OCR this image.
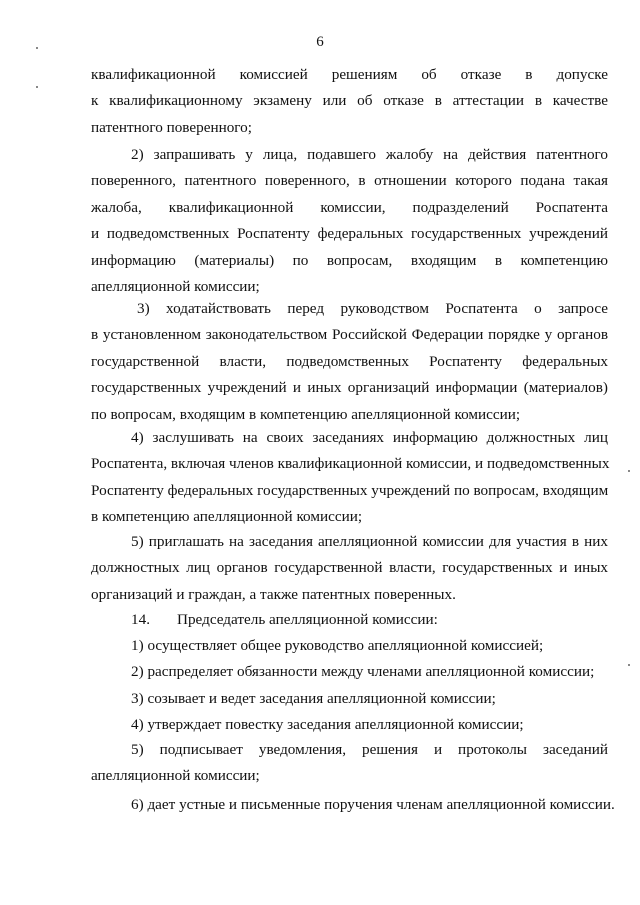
6
квалификационной комиссией решениям об отказе в допуске
к квалификационному экзамену или об отказе в аттестации в качестве
патентного поверенного;
2) запрашивать у лица, подавшего жалобу на действия патентного
поверенного, патентного поверенного, в отношении которого подана такая
жалоба, квалификационной комиссии, подразделений Роспатента
и подведомственных Роспатенту федеральных государственных учреждений
информацию (материалы) по вопросам, входящим в компетенцию
апелляционной комиссии;
3) ходатайствовать перед руководством Роспатента о запросе
в установленном законодательством Российской Федерации порядке у органов
государственной власти, подведомственных Роспатенту федеральных
государственных учреждений и иных организаций информации (материалов)
по вопросам, входящим в компетенцию апелляционной комиссии;
4) заслушивать на своих заседаниях информацию должностных лиц
Роспатента, включая членов квалификационной комиссии, и подведомственных
Роспатенту федеральных государственных учреждений по вопросам, входящим
в компетенцию апелляционной комиссии;
5) приглашать на заседания апелляционной комиссии для участия в них
должностных лиц органов государственной власти, государственных и иных
организаций и граждан, а также патентных поверенных.
14. Председатель апелляционной комиссии:
1) осуществляет общее руководство апелляционной комиссией;
2) распределяет обязанности между членами апелляционной комиссии;
3) созывает и ведет заседания апелляционной комиссии;
4) утверждает повестку заседания апелляционной комиссии;
5) подписывает уведомления, решения и протоколы заседаний
апелляционной комиссии;
6) дает устные и письменные поручения членам апелляционной комиссии.
